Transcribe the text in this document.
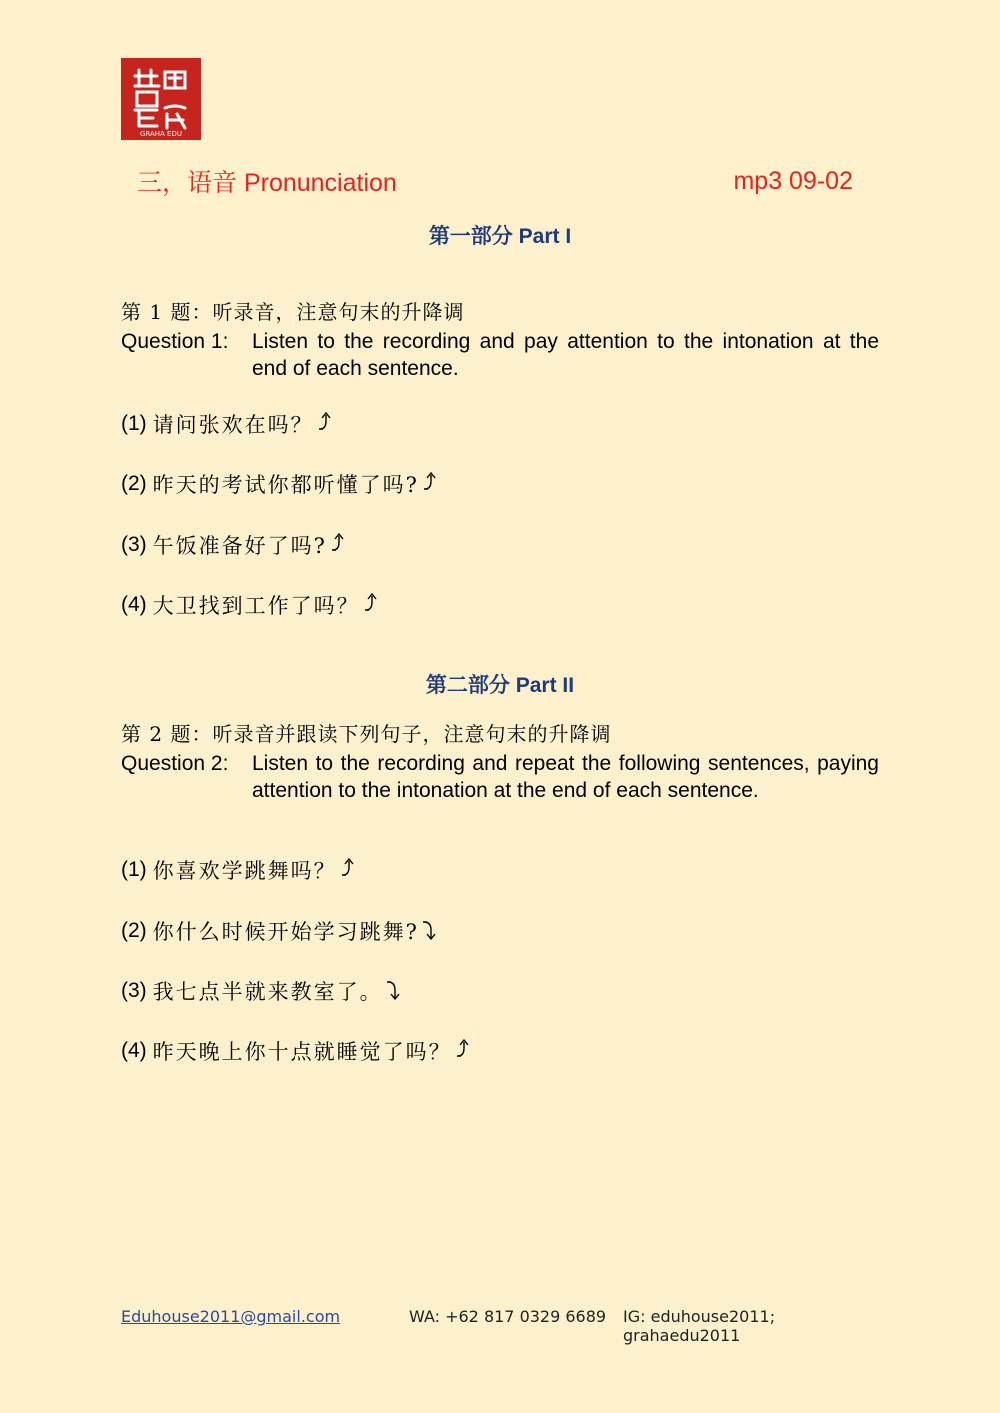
GRAHA EDU
三，语音 Pronunciation	mp3 09-02
第一部分 Part I
第 1 题：听录音，注意句末的升降调
Question 1:	Listen to the recording and pay attention to the intonation at the end of each sentence.
(1) 请问张欢在吗？
(2) 昨天的考试你都听懂了吗?
(3) 午饭准备好了吗?
(4) 大卫找到工作了吗？
第二部分 Part II
第 2 题：听录音并跟读下列句子，注意句末的升降调
Question 2:	Listen to the recording and repeat the following sentences, paying attention to the intonation at the end of each sentence.
(1) 你喜欢学跳舞吗？
(2) 你什么时候开始学习跳舞?
(3) 我七点半就来教室了。
(4) 昨天晚上你十点就睡觉了吗？
Eduhouse2011@gmail.com	WA: +62 817 0329 6689 IG: eduhouse2011; grahaedu2011
